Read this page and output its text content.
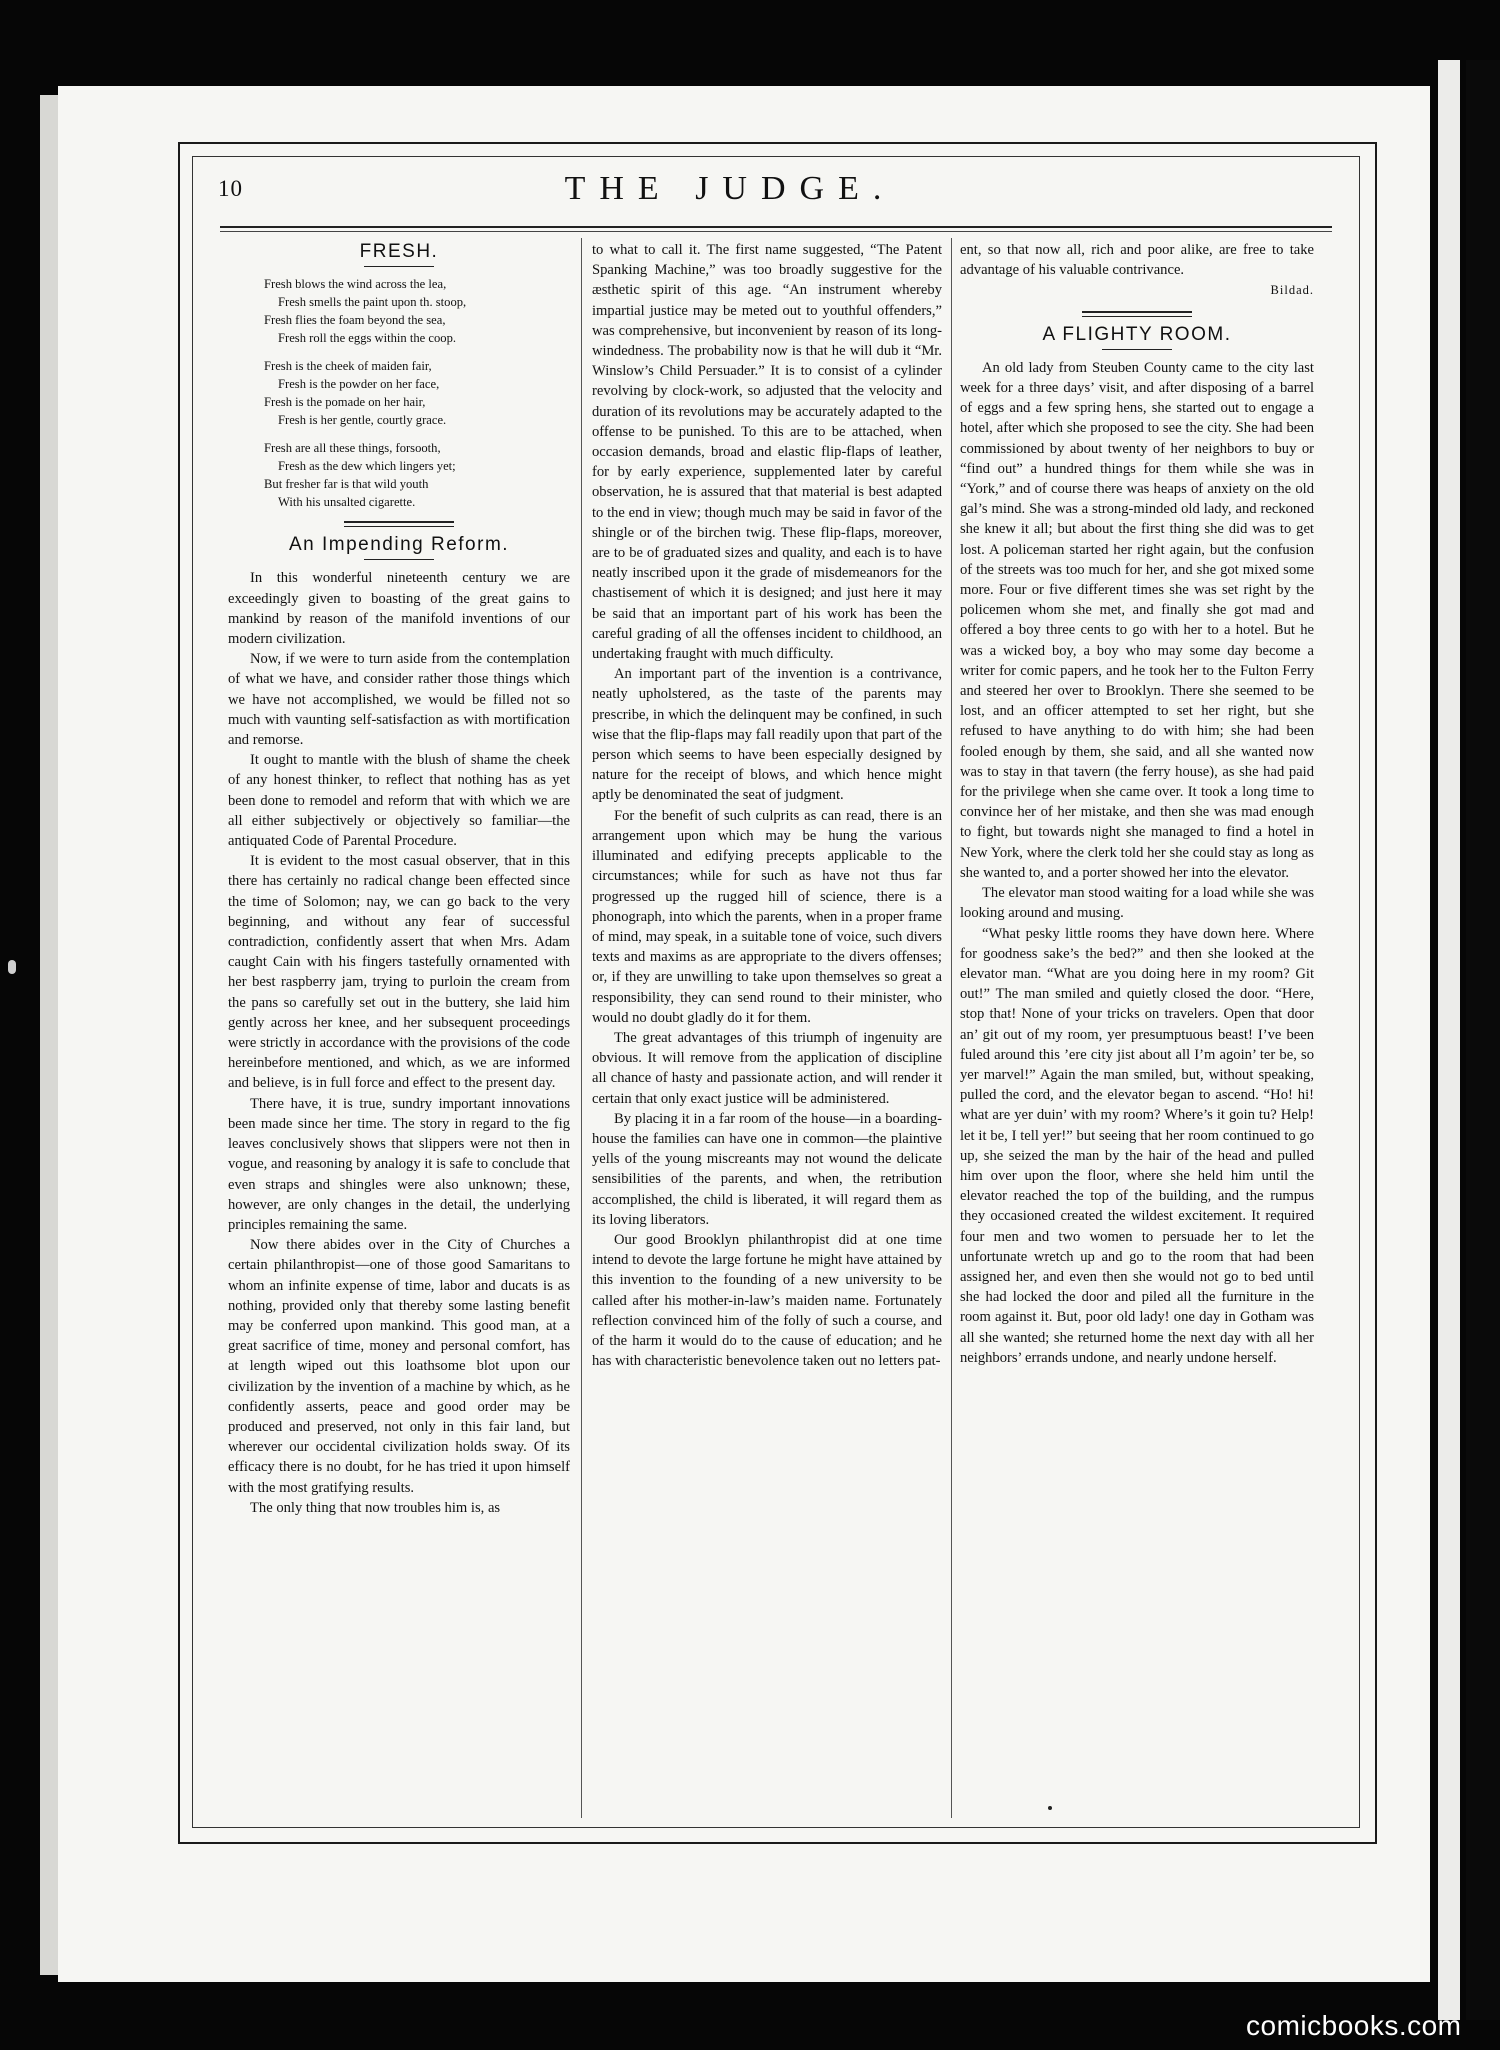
10	THE JUDGE.
FRESH.
Fresh blows the wind across the lea,
Fresh smells the paint upon th. stoop,
Fresh flies the foam beyond the sea,
Fresh roll the eggs within the coop.
Fresh is the cheek of maiden fair,
Fresh is the powder on her face,
Fresh is the pomade on her hair,
Fresh is her gentle, courtly grace.
Fresh are all these things, forsooth,
Fresh as the dew which lingers yet;
But fresher far is that wild youth
With his unsalted cigarette.
An Impending Reform.

In this wonderful nineteenth century we are exceedingly given to boasting of the great gains to mankind by reason of the manifold inventions of our modern civilization.

Now, if we were to turn aside from the contemplation of what we have, and consider rather those things which we have not accomplished, we would be filled not so much with vaunting self-satisfaction as with mortification and remorse.

It ought to mantle with the blush of shame the cheek of any honest thinker, to reflect that nothing has as yet been done to remodel and reform that with which we are all either subjectively or objectively so familiar—the antiquated Code of Parental Procedure.

It is evident to the most casual observer, that in this there has certainly no radical change been effected since the time of Solomon; nay, we can go back to the very beginning, and without any fear of successful contradiction, confidently assert that when Mrs. Adam caught Cain with his fingers tastefully ornamented with her best raspberry jam, trying to purloin the cream from the pans so carefully set out in the buttery, she laid him gently across her knee, and her subsequent proceedings were strictly in accordance with the provisions of the code hereinbefore mentioned, and which, as we are informed and believe, is in full force and effect to the present day.

There have, it is true, sundry important innovations been made since her time. The story in regard to the fig leaves conclusively shows that slippers were not then in vogue, and reasoning by analogy it is safe to conclude that even straps and shingles were also unknown; these, however, are only changes in the detail, the underlying principles remaining the same.

Now there abides over in the City of Churches a certain philanthropist—one of those good Samaritans to whom an infinite expense of time, labor and ducats is as nothing, provided only that thereby some lasting benefit may be conferred upon mankind. This good man, at a great sacrifice of time, money and personal comfort, has at length wiped out this loathsome blot upon our civilization by the invention of a machine by which, as he confidently asserts, peace and good order may be produced and preserved, not only in this fair land, but wherever our occidental civilization holds sway. Of its efficacy there is no doubt, for he has tried it upon himself with the most gratifying results.

The only thing that now troubles him is, as

to what to call it. The first name suggested, “The Patent Spanking Machine,” was too broadly suggestive for the æsthetic spirit of this age. “An instrument whereby impartial justice may be meted out to youthful offenders,” was comprehensive, but inconvenient by reason of its long-windedness. The probability now is that he will dub it “Mr. Winslow’s Child Persuader.” It is to consist of a cylinder revolving by clock-work, so adjusted that the velocity and duration of its revolutions may be accurately adapted to the offense to be punished. To this are to be attached, when occasion demands, broad and elastic flip-flaps of leather, for by early experience, supplemented later by careful observation, he is assured that that material is best adapted to the end in view; though much may be said in favor of the shingle or of the birchen twig. These flip-flaps, moreover, are to be of graduated sizes and quality, and each is to have neatly inscribed upon it the grade of misdemeanors for the chastisement of which it is designed; and just here it may be said that an important part of his work has been the careful grading of all the offenses incident to childhood, an undertaking fraught with much difficulty.

An important part of the invention is a contrivance, neatly upholstered, as the taste of the parents may prescribe, in which the delinquent may be confined, in such wise that the flip-flaps may fall readily upon that part of the person which seems to have been especially designed by nature for the receipt of blows, and which hence might aptly be denominated the seat of judgment.

For the benefit of such culprits as can read, there is an arrangement upon which may be hung the various illuminated and edifying precepts applicable to the circumstances; while for such as have not thus far progressed up the rugged hill of science, there is a phonograph, into which the parents, when in a proper frame of mind, may speak, in a suitable tone of voice, such divers texts and maxims as are appropriate to the divers offenses; or, if they are unwilling to take upon themselves so great a responsibility, they can send round to their minister, who would no doubt gladly do it for them.

The great advantages of this triumph of ingenuity are obvious. It will remove from the application of discipline all chance of hasty and passionate action, and will render it certain that only exact justice will be administered.

By placing it in a far room of the house—in a boarding-house the families can have one in common—the plaintive yells of the young miscreants may not wound the delicate sensibilities of the parents, and when, the retribution accomplished, the child is liberated, it will regard them as its loving liberators.

Our good Brooklyn philanthropist did at one time intend to devote the large fortune he might have attained by this invention to the founding of a new university to be called after his mother-in-law’s maiden name. Fortunately reflection convinced him of the folly of such a course, and of the harm it would do to the cause of education; and he has with characteristic benevolence taken out no letters pat-

ent, so that now all, rich and poor alike, are free to take advantage of his valuable contrivance.

Bildad.
A FLIGHTY ROOM.

An old lady from Steuben County came to the city last week for a three days’ visit, and after disposing of a barrel of eggs and a few spring hens, she started out to engage a hotel, after which she proposed to see the city. She had been commissioned by about twenty of her neighbors to buy or “find out” a hundred things for them while she was in “York,” and of course there was heaps of anxiety on the old gal’s mind. She was a strong-minded old lady, and reckoned she knew it all; but about the first thing she did was to get lost. A policeman started her right again, but the confusion of the streets was too much for her, and she got mixed some more. Four or five different times she was set right by the policemen whom she met, and finally she got mad and offered a boy three cents to go with her to a hotel. But he was a wicked boy, a boy who may some day become a writer for comic papers, and he took her to the Fulton Ferry and steered her over to Brooklyn. There she seemed to be lost, and an officer attempted to set her right, but she refused to have anything to do with him; she had been fooled enough by them, she said, and all she wanted now was to stay in that tavern (the ferry house), as she had paid for the privilege when she came over. It took a long time to convince her of her mistake, and then she was mad enough to fight, but towards night she managed to find a hotel in New York, where the clerk told her she could stay as long as she wanted to, and a porter showed her into the elevator.

The elevator man stood waiting for a load while she was looking around and musing.

“What pesky little rooms they have down here. Where for goodness sake’s the bed?” and then she looked at the elevator man. “What are you doing here in my room? Git out!” The man smiled and quietly closed the door. “Here, stop that! None of your tricks on travelers. Open that door an’ git out of my room, yer presumptuous beast! I’ve been fuled around this ’ere city jist about all I’m agoin’ ter be, so yer marvel!” Again the man smiled, but, without speaking, pulled the cord, and the elevator began to ascend. “Ho! hi! what are yer duin’ with my room? Where’s it goin tu? Help! let it be, I tell yer!” but seeing that her room continued to go up, she seized the man by the hair of the head and pulled him over upon the floor, where she held him until the elevator reached the top of the building, and the rumpus they occasioned created the wildest excitement. It required four men and two women to persuade her to let the unfortunate wretch up and go to the room that had been assigned her, and even then she would not go to bed until she had locked the door and piled all the furniture in the room against it. But, poor old lady! one day in Gotham was all she wanted; she returned home the next day with all her neighbors’ errands undone, and nearly undone herself.

comicbooks.com
